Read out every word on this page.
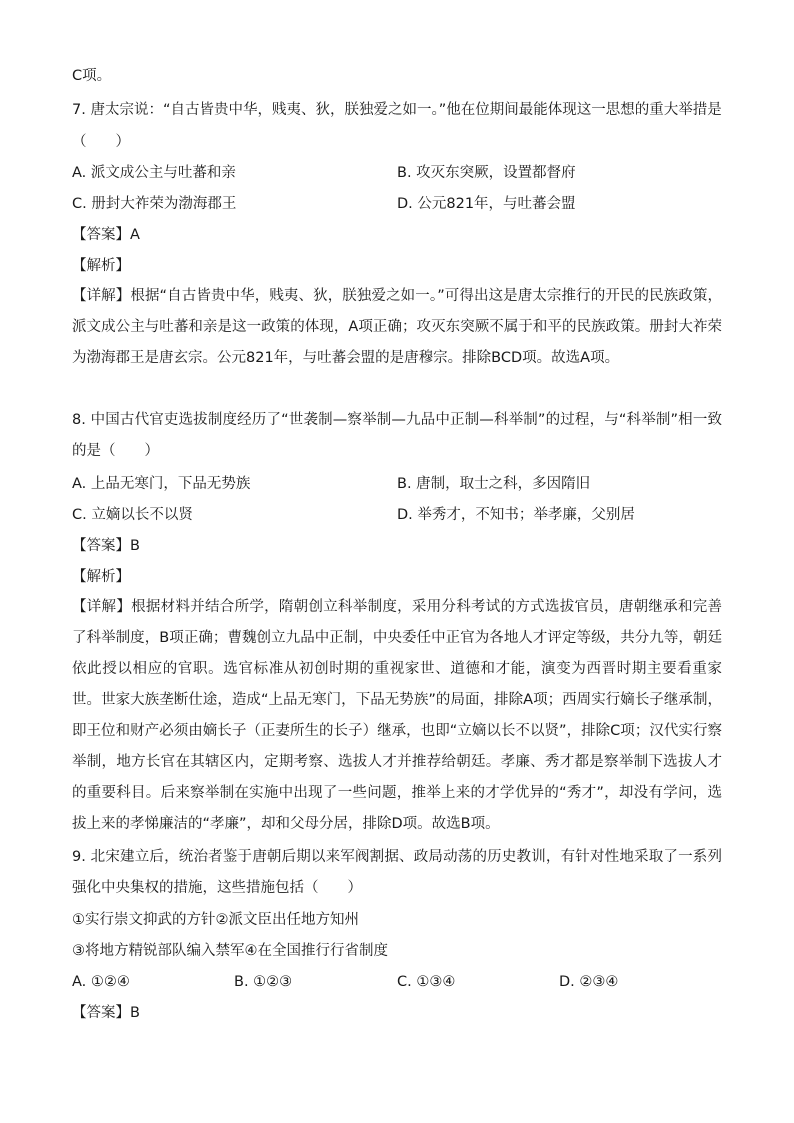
C项。
7. 唐太宗说：“自古皆贵中华，贱夷、狄，朕独爱之如一。”他在位期间最能体现这一思想的重大举措是
（　　）
A. 派文成公主与吐蕃和亲	B. 攻灭东突厥，设置都督府
C. 册封大祚荣为渤海郡王	D. 公元821年，与吐蕃会盟
【答案】A
【解析】
【详解】根据“自古皆贵中华，贱夷、狄，朕独爱之如一。”可得出这是唐太宗推行的开民的民族政策，派文成公主与吐蕃和亲是这一政策的体现，A项正确；攻灭东突厥不属于和平的民族政策。册封大祚荣为渤海郡王是唐玄宗。公元821年，与吐蕃会盟的是唐穆宗。排除BCD项。故选A项。
8. 中国古代官吏选拔制度经历了“世袭制—察举制—九品中正制—科举制”的过程，与“科举制”相一致的是（　　）
A. 上品无寒门，下品无势族	B. 唐制，取士之科，多因隋旧
C. 立嫡以长不以贤	D. 举秀才，不知书；举孝廉，父别居
【答案】B
【解析】
【详解】根据材料并结合所学，隋朝创立科举制度，采用分科考试的方式选拔官员，唐朝继承和完善了科举制度，B项正确；曹魏创立九品中正制，中央委任中正官为各地人才评定等级，共分九等，朝廷依此授以相应的官职。选官标准从初创时期的重视家世、道德和才能，演变为西晋时期主要看重家世。世家大族垄断仕途，造成“上品无寒门，下品无势族”的局面，排除A项；西周实行嫡长子继承制，即王位和财产必须由嫡长子（正妻所生的长子）继承，也即“立嫡以长不以贤”，排除C项；汉代实行察举制，地方长官在其辖区内，定期考察、选拔人才并推荐给朝廷。孝廉、秀才都是察举制下选拔人才的重要科目。后来察举制在实施中出现了一些问题，推举上来的才学优异的“秀才”，却没有学问，选拔上来的孝悌廉洁的“孝廉”，却和父母分居，排除D项。故选B项。
9. 北宋建立后，统治者鉴于唐朝后期以来军阀割据、政局动荡的历史教训，有针对性地采取了一系列强化中央集权的措施，这些措施包括（　　）
①实行崇文抑武的方针②派文臣出任地方知州
③将地方精锐部队编入禁军④在全国推行行省制度
A. ①②④	B. ①②③	C. ①③④	D. ②③④
【答案】B
